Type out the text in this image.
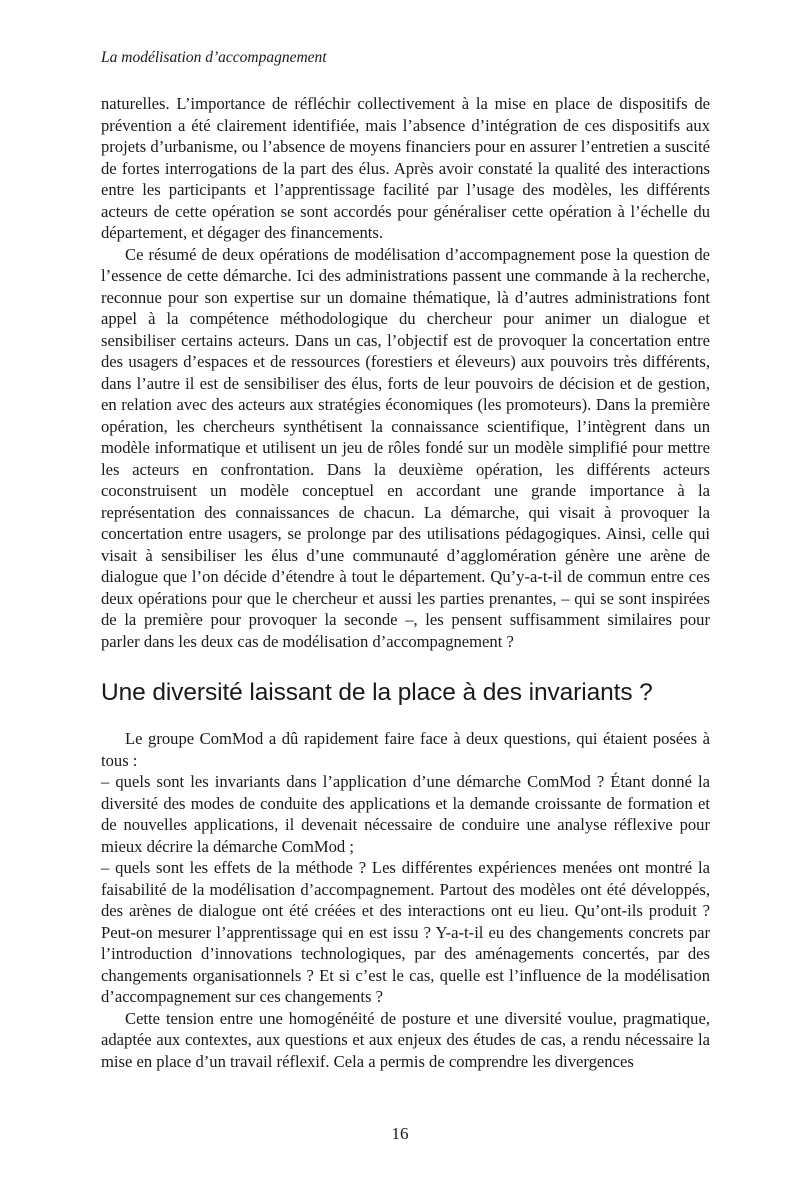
La modélisation d’accompagnement

naturelles. L’importance de réfléchir collectivement à la mise en place de dispositifs de prévention a été clairement identifiée, mais l’absence d’intégration de ces dispositifs aux projets d’urbanisme, ou l’absence de moyens financiers pour en assurer l’entretien a suscité de fortes interrogations de la part des élus. Après avoir constaté la qualité des interactions entre les participants et l’apprentissage facilité par l’usage des modèles, les différents acteurs de cette opération se sont accordés pour généraliser cette opération à l’échelle du département, et dégager des financements.

Ce résumé de deux opérations de modélisation d’accompagnement pose la question de l’essence de cette démarche. Ici des administrations passent une commande à la recherche, reconnue pour son expertise sur un domaine thématique, là d’autres administrations font appel à la compétence méthodologique du chercheur pour animer un dialogue et sensibiliser certains acteurs. Dans un cas, l’objectif est de provoquer la concertation entre des usagers d’espaces et de ressources (forestiers et éleveurs) aux pouvoirs très différents, dans l’autre il est de sensibiliser des élus, forts de leur pouvoirs de décision et de gestion, en relation avec des acteurs aux stratégies économiques (les promoteurs). Dans la première opération, les chercheurs synthétisent la connaissance scientifique, l’intègrent dans un modèle informatique et utilisent un jeu de rôles fondé sur un modèle simplifié pour mettre les acteurs en confrontation. Dans la deuxième opération, les différents acteurs coconstruisent un modèle conceptuel en accordant une grande importance à la représentation des connaissances de chacun. La démarche, qui visait à provoquer la concertation entre usagers, se prolonge par des utilisations pédagogiques. Ainsi, celle qui visait à sensibiliser les élus d’une communauté d’agglomération génère une arène de dialogue que l’on décide d’étendre à tout le département. Qu’y-a-t-il de commun entre ces deux opérations pour que le chercheur et aussi les parties prenantes, – qui se sont inspirées de la première pour provoquer la seconde –, les pensent suffisamment similaires pour parler dans les deux cas de modélisation d’accompagnement ?

Une diversité laissant de la place à des invariants ?

Le groupe ComMod a dû rapidement faire face à deux questions, qui étaient posées à tous :

– quels sont les invariants dans l’application d’une démarche ComMod ? Étant donné la diversité des modes de conduite des applications et la demande croissante de formation et de nouvelles applications, il devenait nécessaire de conduire une analyse réflexive pour mieux décrire la démarche ComMod ;

– quels sont les effets de la méthode ? Les différentes expériences menées ont montré la faisabilité de la modélisation d’accompagnement. Partout des modèles ont été développés, des arènes de dialogue ont été créées et des interactions ont eu lieu. Qu’ont-ils produit ? Peut-on mesurer l’apprentissage qui en est issu ? Y-a-t-il eu des changements concrets par l’introduction d’innovations technologiques, par des aménagements concertés, par des changements organisationnels ? Et si c’est le cas, quelle est l’influence de la modélisation d’accompagnement sur ces changements ?

Cette tension entre une homogénéité de posture et une diversité voulue, pragmatique, adaptée aux contextes, aux questions et aux enjeux des études de cas, a rendu nécessaire la mise en place d’un travail réflexif. Cela a permis de comprendre les divergences

16
